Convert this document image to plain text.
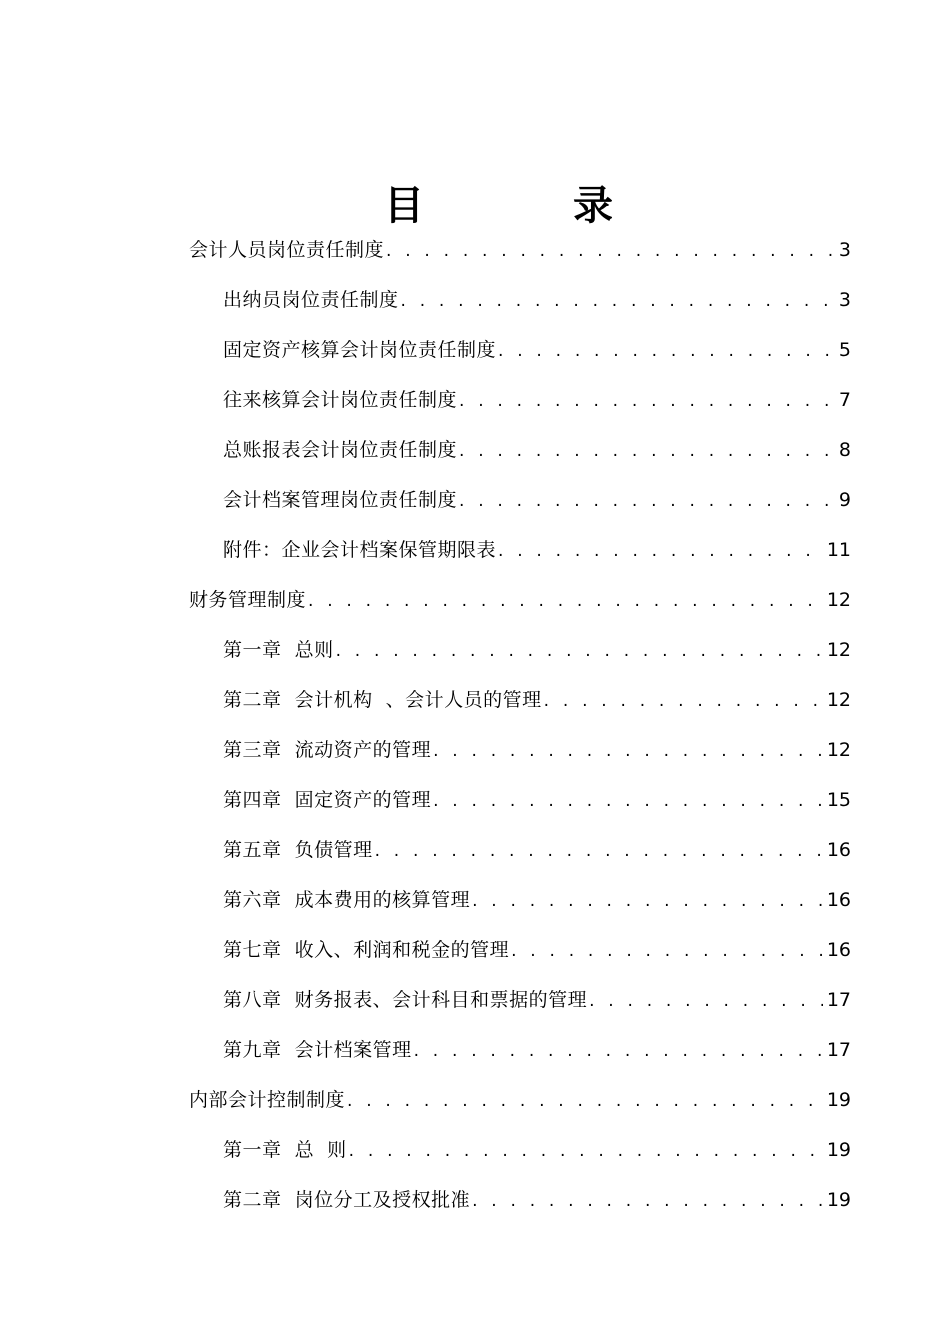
目	录
会计人员岗位责任制度 . . .	3
出纳员岗位责任制度 . . .	3
固定资产核算会计岗位责任制度 . . .	5
往来核算会计岗位责任制度 . . .	7
总账报表会计岗位责任制度 . . .	8
会计档案管理岗位责任制度 . . .	9
附件：企业会计档案保管期限表 . . .	11
财务管理制度 . . .	12
第一章  总则 . . .	12
第二章  会计机构  、会计人员的管理 . . .	12
第三章  流动资产的管理 . . .	12
第四章  固定资产的管理 . . .	15
第五章  负债管理 . . .	16
第六章  成本费用的核算管理 . . .	16
第七章  收入、利润和税金的管理 . . .	16
第八章  财务报表、会计科目和票据的管理 . . .	17
第九章  会计档案管理 . . .	17
内部会计控制制度 . . .	19
第一章  总  则 . . .	19
第二章  岗位分工及授权批准 . . .	19
